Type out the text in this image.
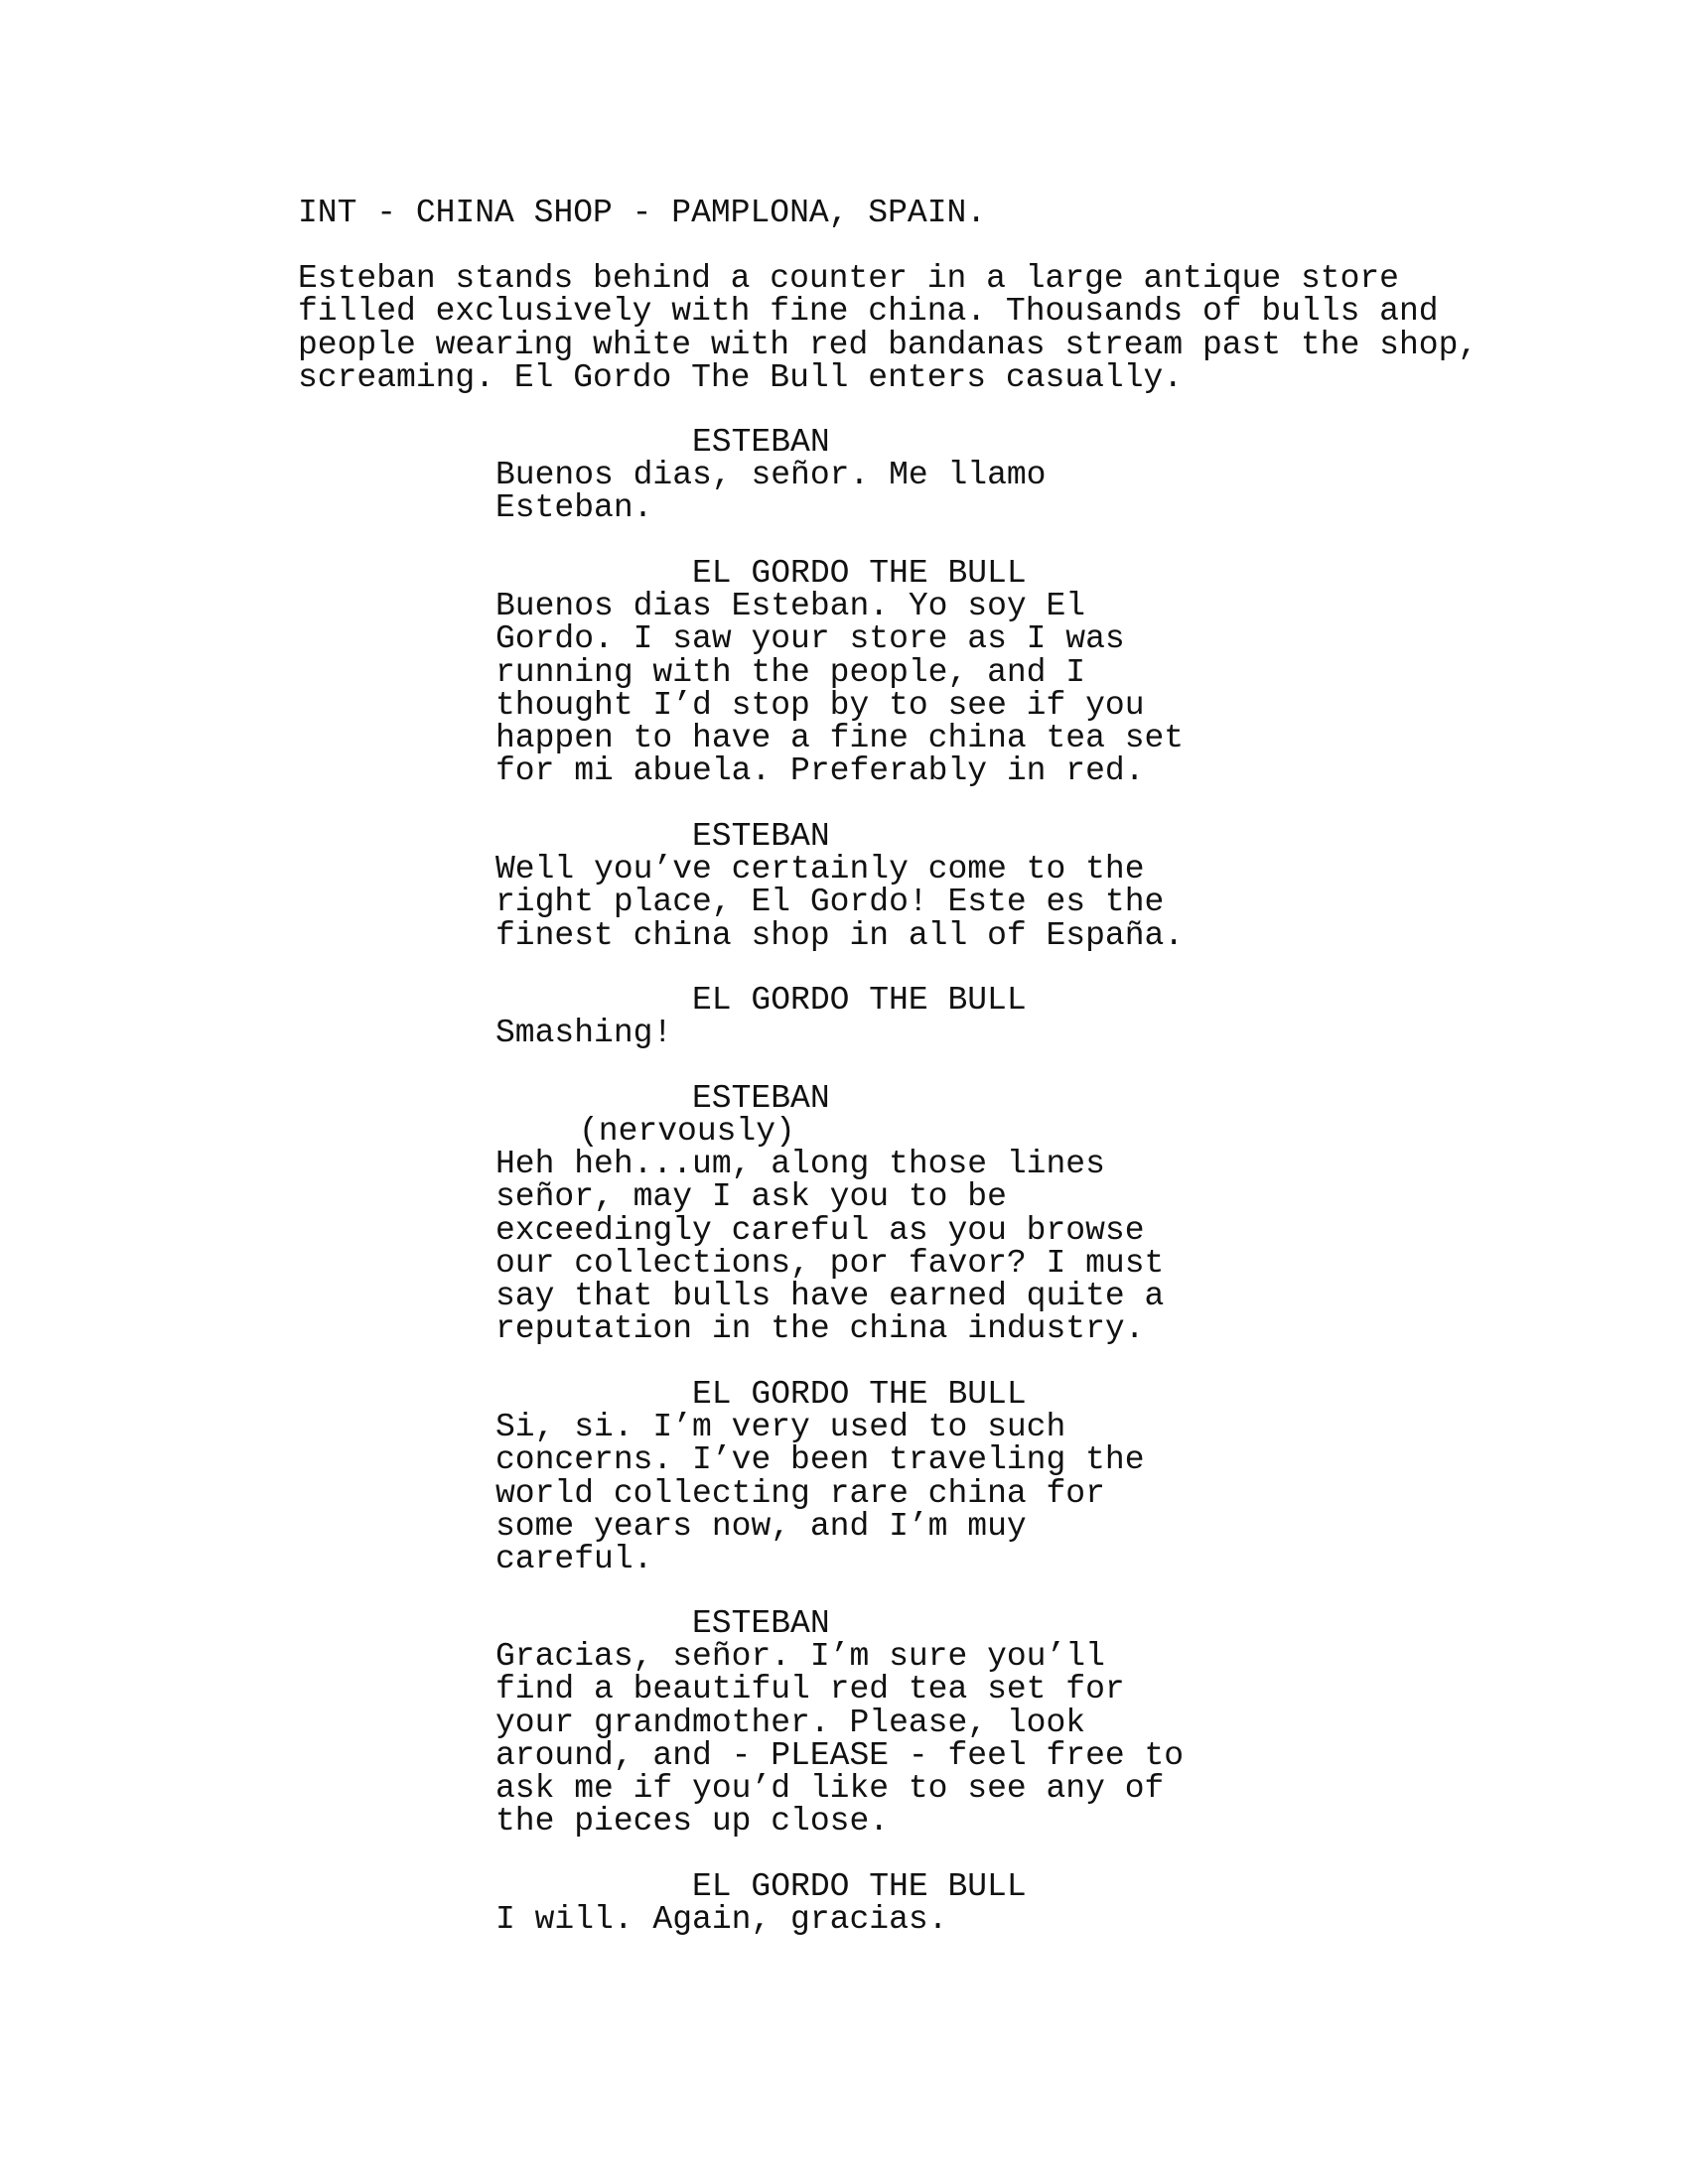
INT - CHINA SHOP - PAMPLONA, SPAIN.
Esteban stands behind a counter in a large antique store
filled exclusively with fine china. Thousands of bulls and
people wearing white with red bandanas stream past the shop,
screaming. El Gordo The Bull enters casually.
ESTEBAN
Buenos dias, señor. Me llamo
Esteban.
EL GORDO THE BULL
Buenos dias Esteban. Yo soy El
Gordo. I saw your store as I was
running with the people, and I
thought I’d stop by to see if you
happen to have a fine china tea set
for mi abuela. Preferably in red.
ESTEBAN
Well you’ve certainly come to the
right place, El Gordo! Este es the
finest china shop in all of España.
EL GORDO THE BULL
Smashing!
ESTEBAN
(nervously)
Heh heh...um, along those lines
señor, may I ask you to be
exceedingly careful as you browse
our collections, por favor? I must
say that bulls have earned quite a
reputation in the china industry.
EL GORDO THE BULL
Si, si. I’m very used to such
concerns. I’ve been traveling the
world collecting rare china for
some years now, and I’m muy
careful.
ESTEBAN
Gracias, señor. I’m sure you’ll
find a beautiful red tea set for
your grandmother. Please, look
around, and - PLEASE - feel free to
ask me if you’d like to see any of
the pieces up close.
EL GORDO THE BULL
I will. Again, gracias.
